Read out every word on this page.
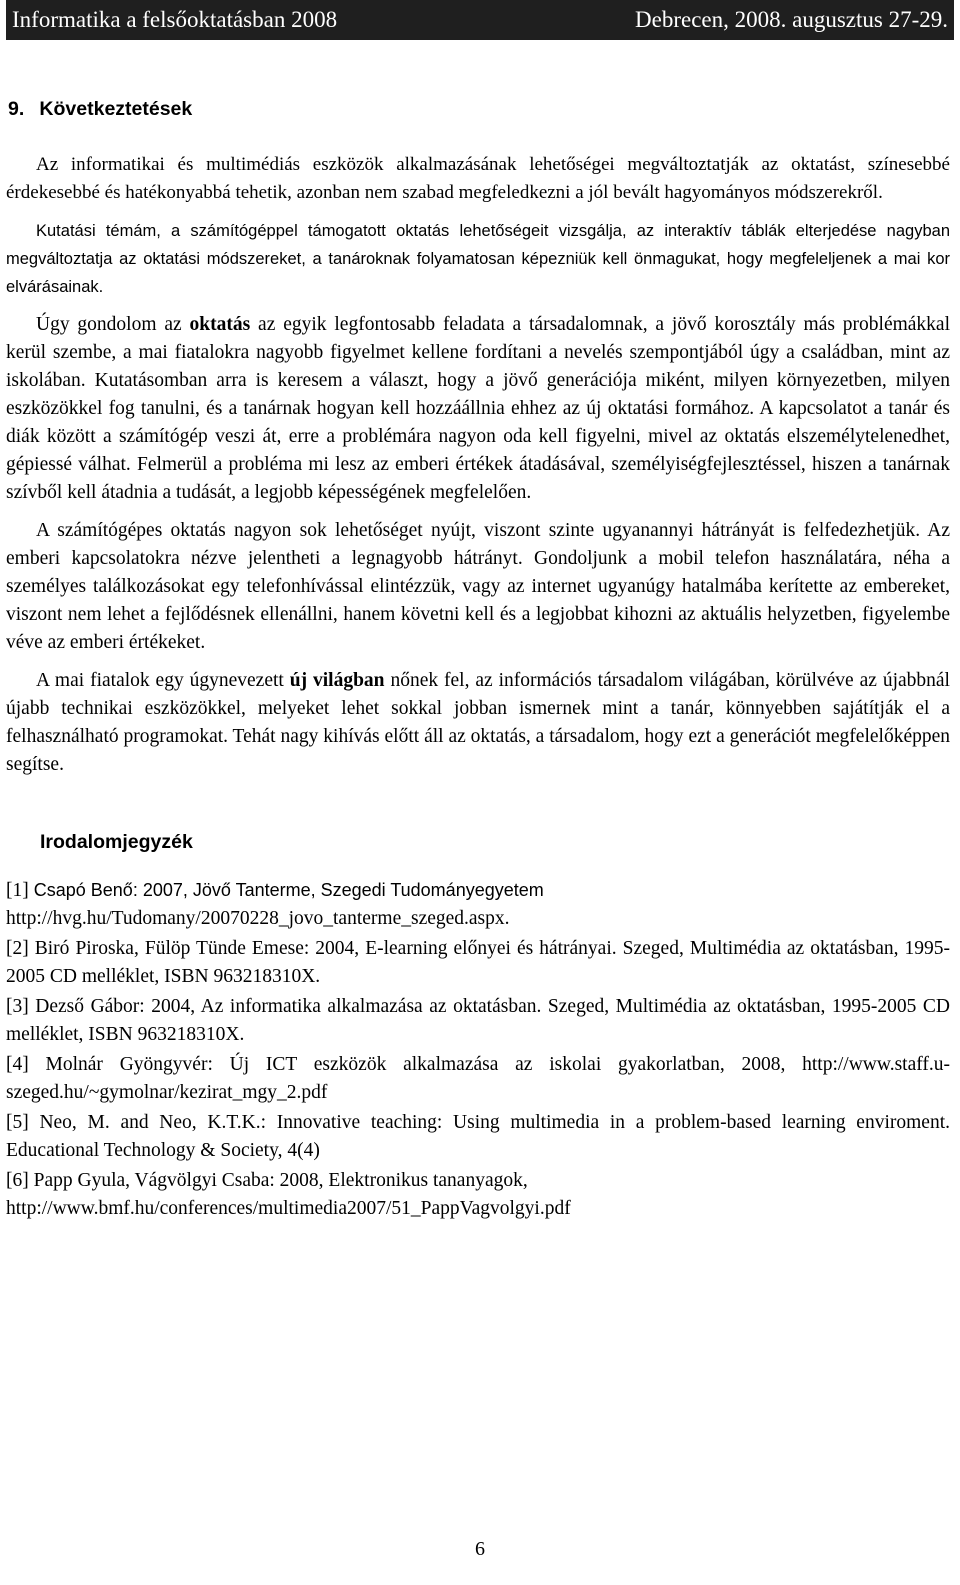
Informatika a felsőoktatásban 2008	Debrecen, 2008. augusztus 27-29.
9. Következtetések

Az informatikai és multimédiás eszközök alkalmazásának lehetőségei megváltoztatják az oktatást, színesebbé érdekesebbé és hatékonyabbá tehetik, azonban nem szabad megfeledkezni a jól bevált hagyományos módszerekről.

Kutatási témám, a számítógéppel támogatott oktatás lehetőségeit vizsgálja, az interaktív táblák elterjedése nagyban megváltoztatja az oktatási módszereket, a tanároknak folyamatosan képezniük kell önmagukat, hogy megfeleljenek a mai kor elvárásainak.

Úgy gondolom az oktatás az egyik legfontosabb feladata a társadalomnak, a jövő korosztály más problémákkal kerül szembe, a mai fiatalokra nagyobb figyelmet kellene fordítani a nevelés szempontjából úgy a családban, mint az iskolában. Kutatásomban arra is keresem a választ, hogy a jövő generációja miként, milyen környezetben, milyen eszközökkel fog tanulni, és a tanárnak hogyan kell hozzáállnia ehhez az új oktatási formához. A kapcsolatot a tanár és diák között a számítógép veszi át, erre a problémára nagyon oda kell figyelni, mivel az oktatás elszemélytelenedhet, gépiessé válhat. Felmerül a probléma mi lesz az emberi értékek átadásával, személyiségfejlesztéssel, hiszen a tanárnak szívből kell átadnia a tudását, a legjobb képességének megfelelően.

A számítógépes oktatás nagyon sok lehetőséget nyújt, viszont szinte ugyanannyi hátrányát is felfedezhetjük. Az emberi kapcsolatokra nézve jelentheti a legnagyobb hátrányt. Gondoljunk a mobil telefon használatára, néha a személyes találkozásokat egy telefonhívással elintézzük, vagy az internet ugyanúgy hatalmába kerítette az embereket, viszont nem lehet a fejlődésnek ellenállni, hanem követni kell és a legjobbat kihozni az aktuális helyzetben, figyelembe véve az emberi értékeket.

A mai fiatalok egy úgynevezett új világban nőnek fel, az információs társadalom világában, körülvéve az újabbnál újabb technikai eszközökkel, melyeket lehet sokkal jobban ismernek mint a tanár, könnyebben sajátítják el a felhasználható programokat. Tehát nagy kihívás előtt áll az oktatás, a társadalom, hogy ezt a generációt megfelelőképpen segítse.

Irodalomjegyzék
[1] Csapó Benő: 2007, Jövő Tanterme, Szegedi Tudományegyetem
http://hvg.hu/Tudomany/20070228_jovo_tanterme_szeged.aspx.
[2] Biró Piroska, Fülöp Tünde Emese: 2004, E-learning előnyei és hátrányai. Szeged, Multimédia az oktatásban, 1995-2005 CD melléklet, ISBN 963218310X.
[3] Dezső Gábor: 2004, Az informatika alkalmazása az oktatásban. Szeged, Multimédia az oktatásban, 1995-2005 CD melléklet, ISBN 963218310X.
[4] Molnár Gyöngyvér: Új ICT eszközök alkalmazása az iskolai gyakorlatban, 2008, http://www.staff.u-szeged.hu/~gymolnar/kezirat_mgy_2.pdf
[5] Neo, M. and Neo, K.T.K.: Innovative teaching: Using multimedia in a problem-based learning enviroment. Educational Technology & Society, 4(4)
[6] Papp Gyula, Vágvölgyi Csaba: 2008, Elektronikus tananyagok,
http://www.bmf.hu/conferences/multimedia2007/51_PappVagvolgyi.pdf
6
